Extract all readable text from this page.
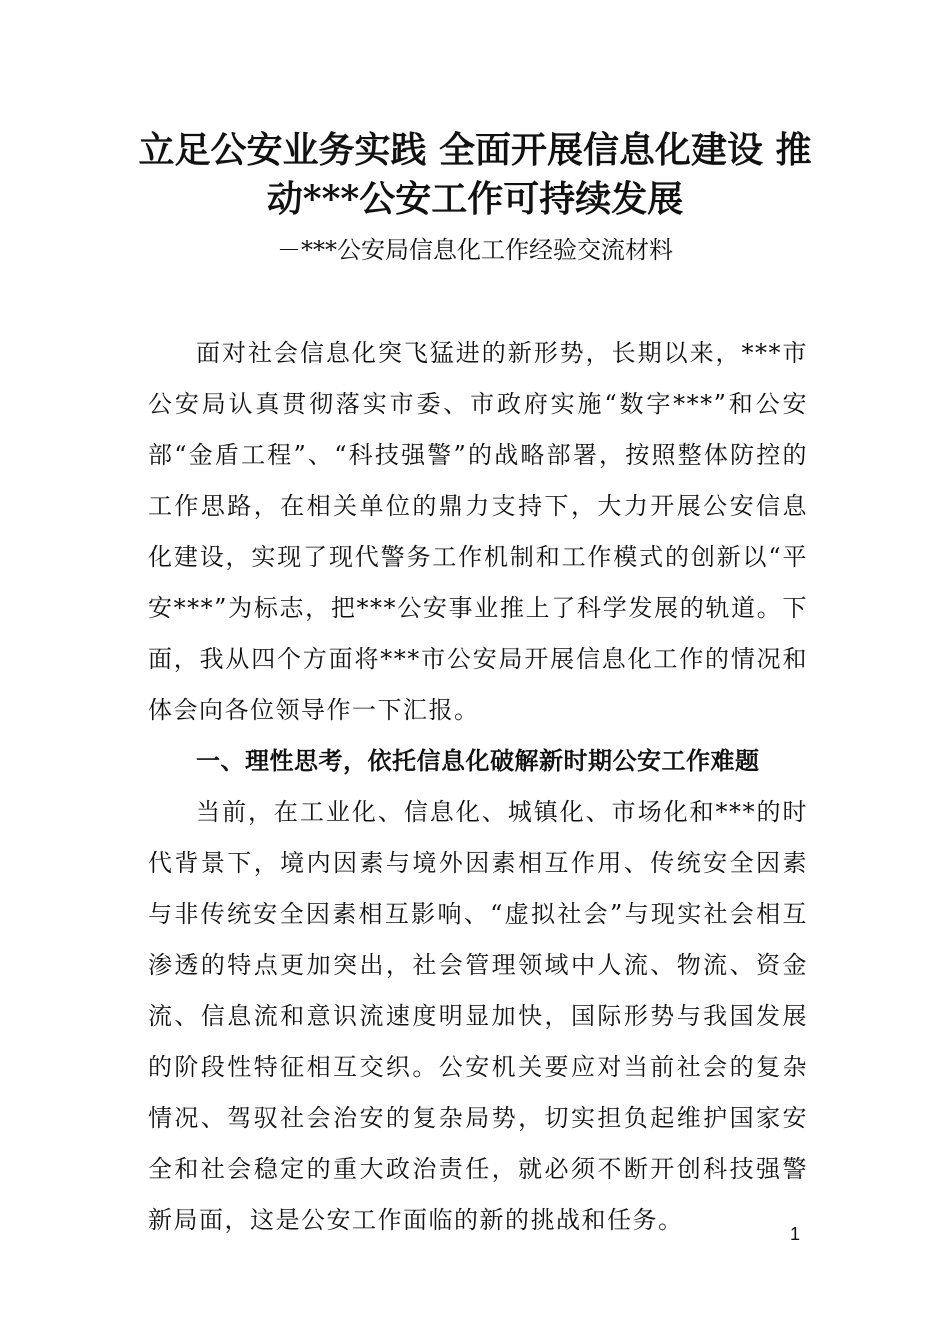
立足公安业务实践 全面开展信息化建设 推
动***公安工作可持续发展
－***公安局信息化工作经验交流材料

面对社会信息化突飞猛进的新形势，长期以来，***市公安局认真贯彻落实市委、市政府实施“数字***”和公安部“金盾工程”、“科技强警”的战略部署，按照整体防控的工作思路，在相关单位的鼎力支持下，大力开展公安信息化建设，实现了现代警务工作机制和工作模式的创新以“平安***”为标志，把***公安事业推上了科学发展的轨道。下面，我从四个方面将***市公安局开展信息化工作的情况和体会向各位领导作一下汇报。

一、理性思考，依托信息化破解新时期公安工作难题

当前，在工业化、信息化、城镇化、市场化和***的时代背景下，境内因素与境外因素相互作用、传统安全因素与非传统安全因素相互影响、“虚拟社会”与现实社会相互渗透的特点更加突出，社会管理领域中人流、物流、资金流、信息流和意识流速度明显加快，国际形势与我国发展的阶段性特征相互交织。公安机关要应对当前社会的复杂情况、驾驭社会治安的复杂局势，切实担负起维护国家安全和社会稳定的重大政治责任，就必须不断开创科技强警新局面，这是公安工作面临的新的挑战和任务。	1
